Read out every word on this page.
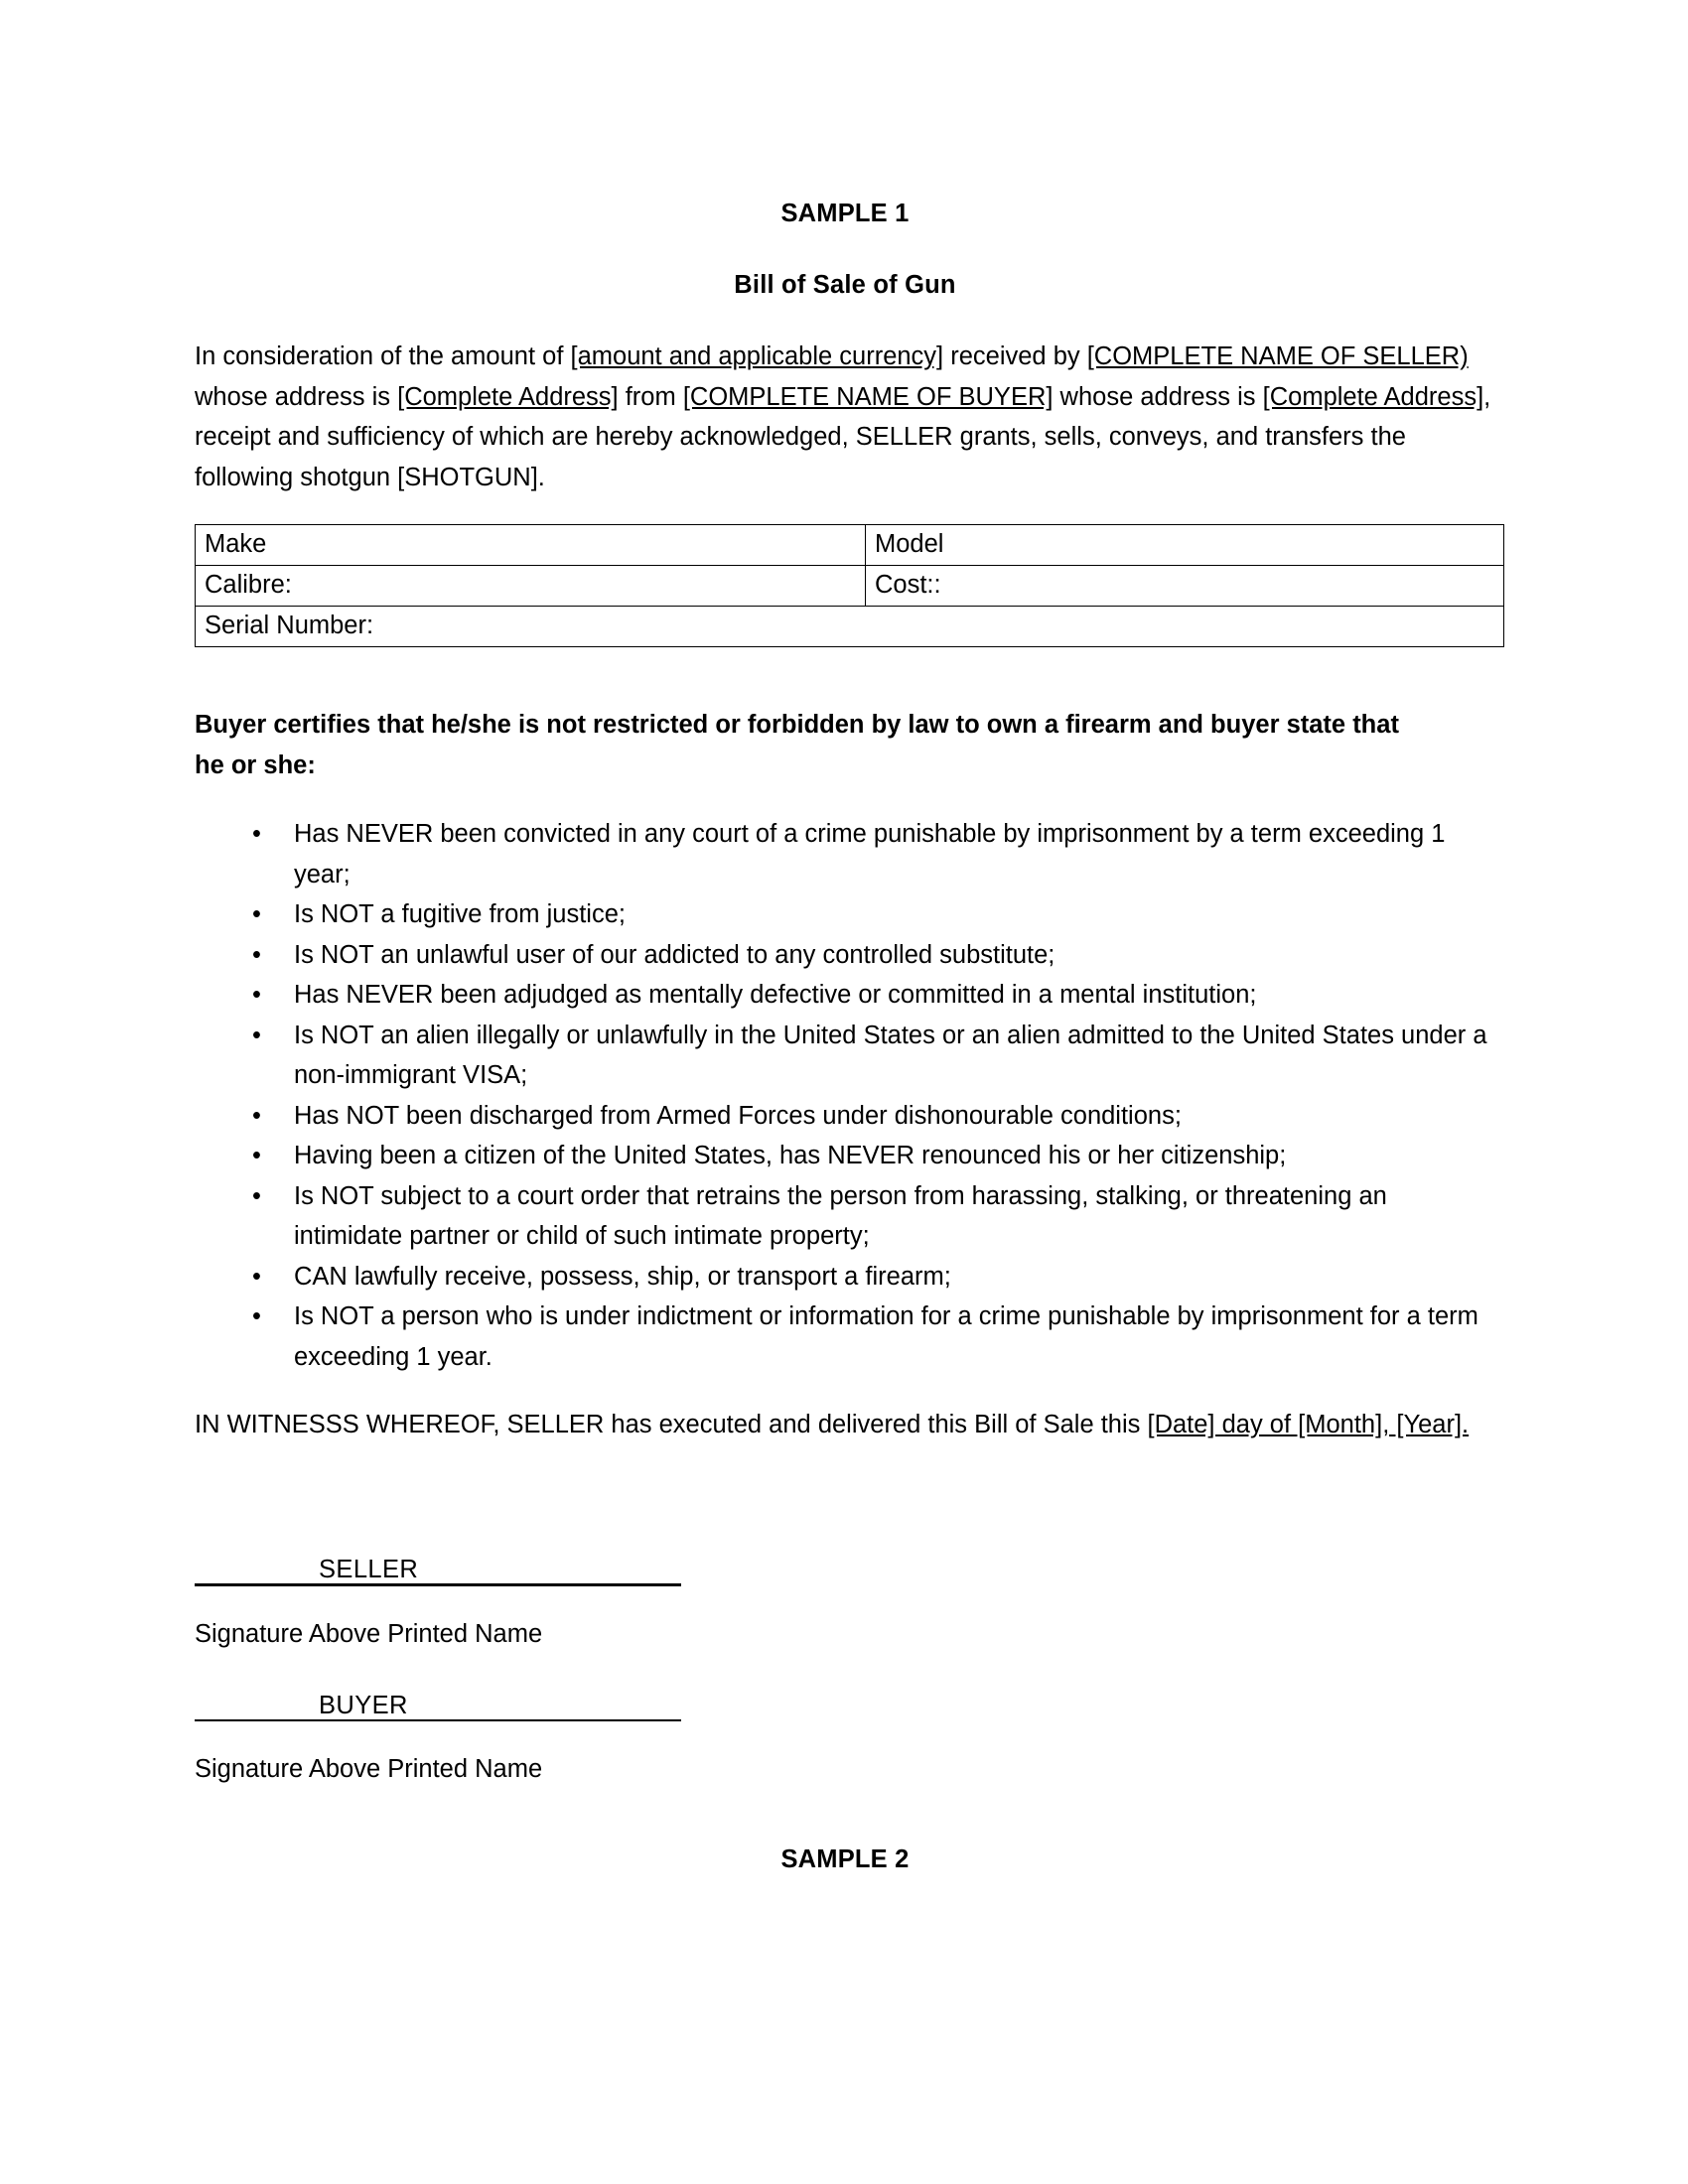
SAMPLE 1
Bill of Sale of Gun

In consideration of the amount of [amount and applicable currency] received by [COMPLETE NAME OF SELLER) whose address is [Complete Address] from [COMPLETE NAME OF BUYER] whose address is [Complete Address], receipt and sufficiency of which are hereby acknowledged, SELLER grants, sells, conveys, and transfers the following shotgun [SHOTGUN].

Make	Model
Calibre:	Cost::
Serial Number:	

Buyer certifies that he/she is not restricted or forbidden by law to own a firearm and buyer state that he or she:

• Has NEVER been convicted in any court of a crime punishable by imprisonment by a term exceeding 1 year;
• Is NOT a fugitive from justice;
• Is NOT an unlawful user of our addicted to any controlled substitute;
• Has NEVER been adjudged as mentally defective or committed in a mental institution;
• Is NOT an alien illegally or unlawfully in the United States or an alien admitted to the United States under a non-immigrant VISA;
• Has NOT been discharged from Armed Forces under dishonourable conditions;
• Having been a citizen of the United States, has NEVER renounced his or her citizenship;
• Is NOT subject to a court order that retrains the person from harassing, stalking, or threatening an intimidate partner or child of such intimate property;
• CAN lawfully receive, possess, ship, or transport a firearm;
• Is NOT a person who is under indictment or information for a crime punishable by imprisonment for a term exceeding 1 year.

IN WITNESSS WHEREOF, SELLER has executed and delivered this Bill of Sale this [Date] day of [Month], [Year].

SELLER

Signature Above Printed Name

BUYER

Signature Above Printed Name

SAMPLE 2
